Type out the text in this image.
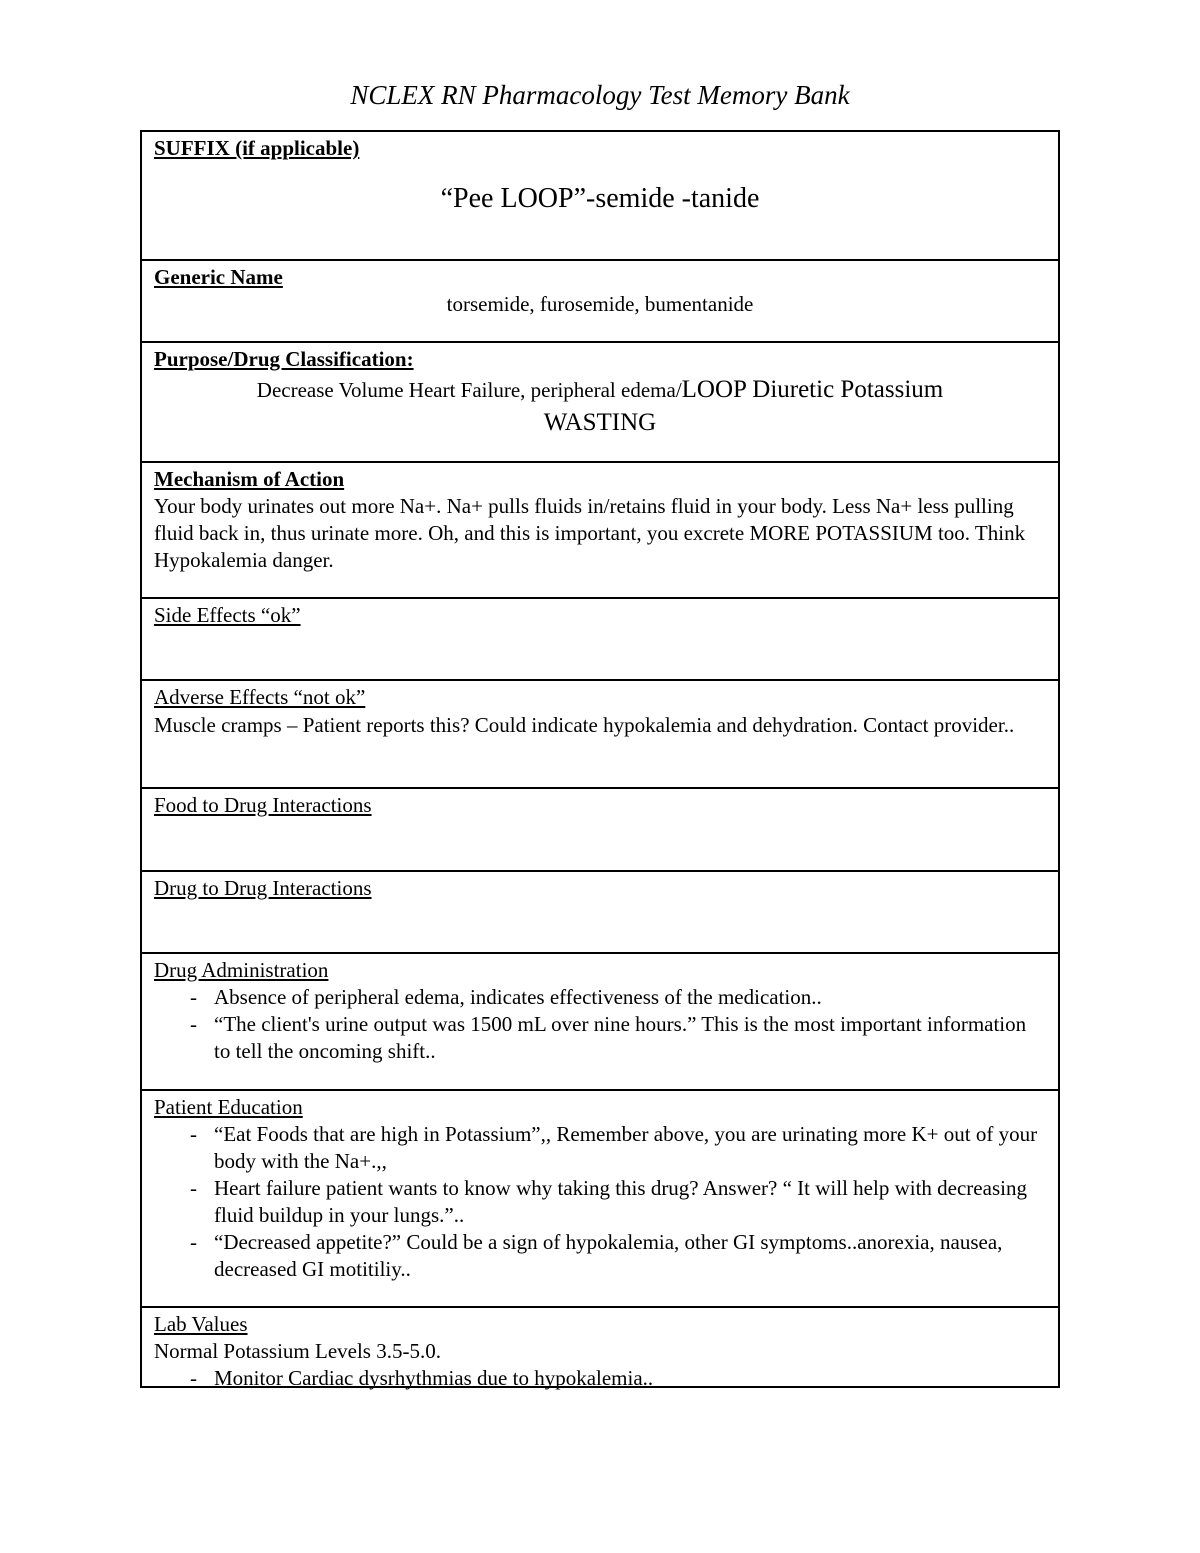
NCLEX RN Pharmacology Test Memory Bank
SUFFIX (if applicable)
“Pee LOOP”-semide -tanide
Generic Name
torsemide, furosemide, bumentanide
Purpose/Drug Classification:
Decrease Volume Heart Failure, peripheral edema/LOOP Diuretic Potassium
WASTING
Mechanism of Action
Your body urinates out more Na+. Na+ pulls fluids in/retains fluid in your body. Less Na+ less pulling fluid back in, thus urinate more. Oh, and this is important, you excrete MORE POTASSIUM too. Think Hypokalemia danger.
Side Effects “ok”
Adverse Effects “not ok”
Muscle cramps – Patient reports this? Could indicate hypokalemia and dehydration. Contact provider..
Food to Drug Interactions
Drug to Drug Interactions
Drug Administration
- Absence of peripheral edema, indicates effectiveness of the medication..
- “The client's urine output was 1500 mL over nine hours.” This is the most important information to tell the oncoming shift..
Patient Education
- “Eat Foods that are high in Potassium”,, Remember above, you are urinating more K+ out of your body with the Na+.,,
- Heart failure patient wants to know why taking this drug? Answer? “ It will help with decreasing fluid buildup in your lungs.”..
- “Decreased appetite?” Could be a sign of hypokalemia, other GI symptoms..anorexia, nausea, decreased GI motitiliy..
Lab Values
Normal Potassium Levels 3.5-5.0.
- Monitor Cardiac dysrhythmias due to hypokalemia..
